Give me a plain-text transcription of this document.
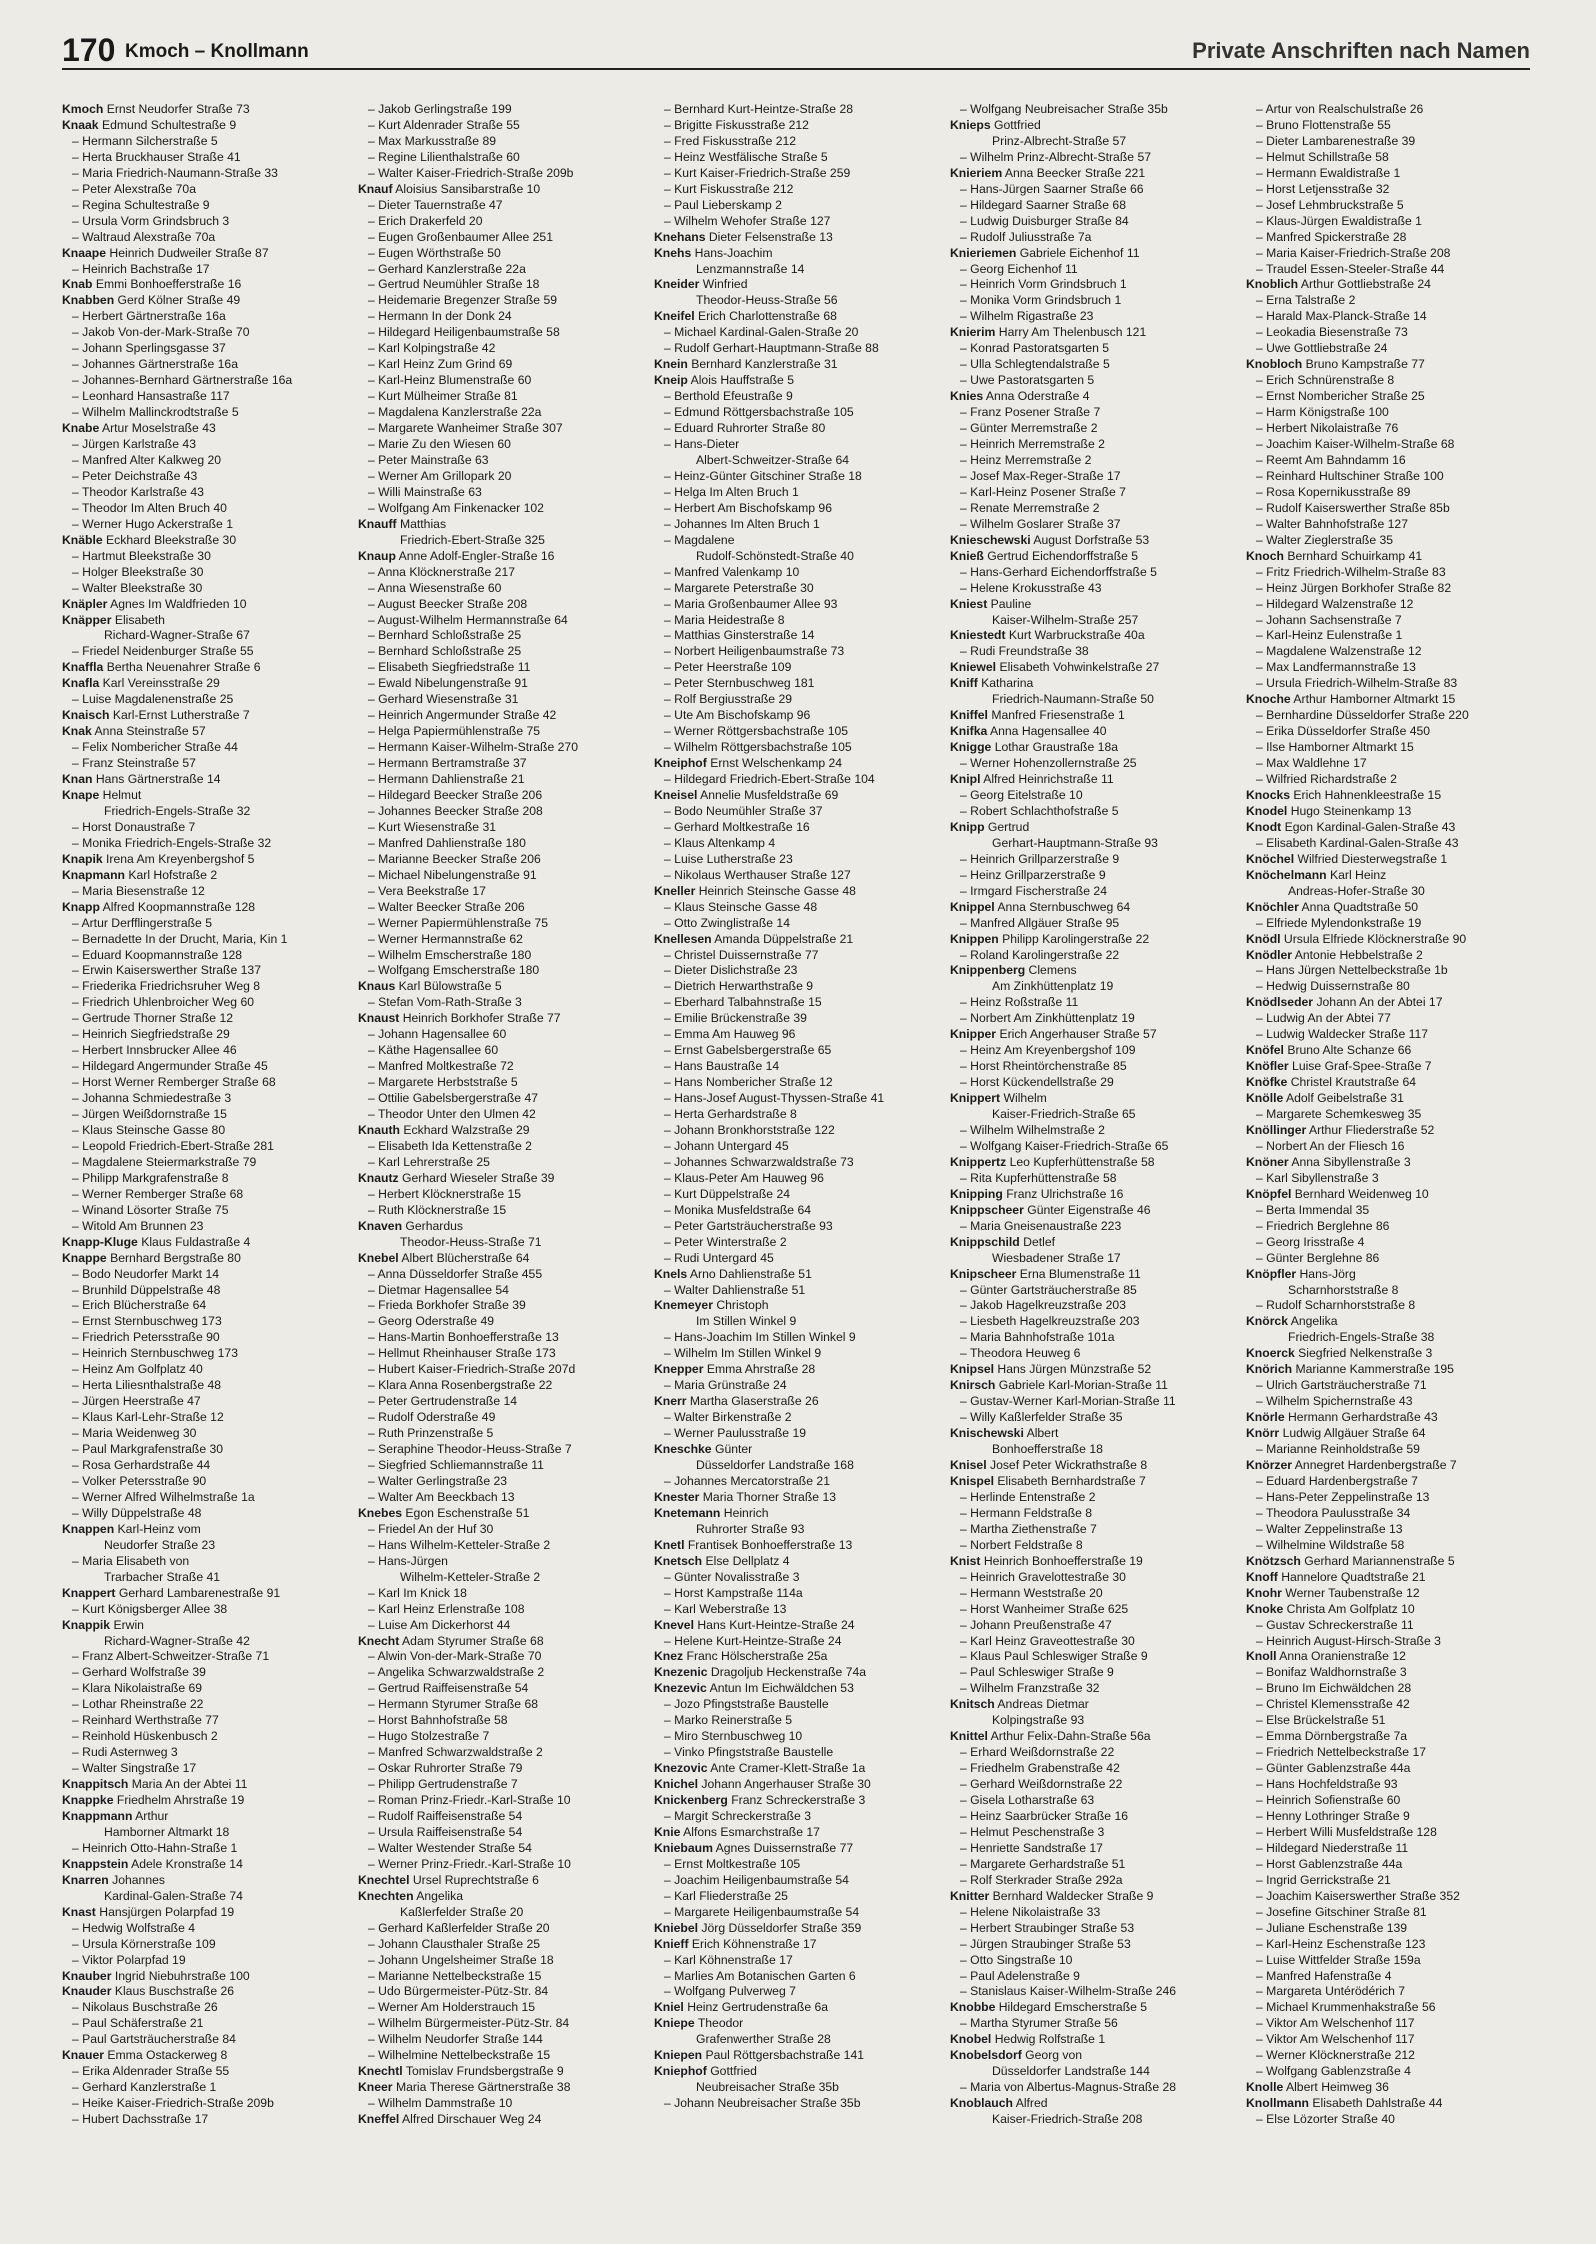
170 Kmoch – Knollmann	Private Anschriften nach Namen
Kmoch Ernst Neudorfer Straße 73
Knaak Edmund Schultestraße 9
– Hermann Silcherstraße 5
– Herta Bruckhauser Straße 41
– Maria Friedrich-Naumann-Straße 33
– Peter Alexstraße 70a
– Regina Schultestraße 9
– Ursula Vorm Grindsbruch 3
– Waltraud Alexstraße 70a
Knaape Heinrich Dudweiler Straße 87
– Heinrich Bachstraße 17
Knab Emmi Bonhoefferstraße 16
Knabben Gerd Kölner Straße 49
– Herbert Gärtnerstraße 16a
– Jakob Von-der-Mark-Straße 70
– Johann Sperlingsgasse 37
– Johannes Gärtnerstraße 16a
– Johannes-Bernhard Gärtnerstraße 16a
– Leonhard Hansastraße 117
– Wilhelm Mallinckrodtstraße 5
Knabe Artur Moselstraße 43
– Jürgen Karlstraße 43
– Manfred Alter Kalkweg 20
– Peter Deichstraße 43
– Theodor Karlstraße 43
– Theodor Im Alten Bruch 40
– Werner Hugo Ackerstraße 1
Knäble Eckhard Bleekstraße 30
– Hartmut Bleekstraße 30
– Holger Bleekstraße 30
– Walter Bleekstraße 30
Knäpler Agnes Im Waldfrieden 10
Knäpper Elisabeth
Richard-Wagner-Straße 67
– Friedel Neidenburger Straße 55
Knaffla Bertha Neuenahrer Straße 6
Knafla Karl Vereinsstraße 29
– Luise Magdalenenstraße 25
Knaisch Karl-Ernst Lutherstraße 7
Knak Anna Steinstraße 57
– Felix Nombericher Straße 44
– Franz Steinstraße 57
Knan Hans Gärtnerstraße 14
Knape Helmut
Friedrich-Engels-Straße 32
– Horst Donaustraße 7
– Monika Friedrich-Engels-Straße 32
Knapik Irena Am Kreyenbergshof 5
Knapmann Karl Hofstraße 2
– Maria Biesenstraße 12
Knapp Alfred Koopmannstraße 128
– Artur Derfflingerstraße 5
– Bernadette In der Drucht, Maria, Kin 1
– Eduard Koopmannstraße 128
– Erwin Kaiserswerther Straße 137
– Friederika Friedrichsruher Weg 8
– Friedrich Uhlenbroicher Weg 60
– Gertrude Thorner Straße 12
– Heinrich Siegfriedstraße 29
– Herbert Innsbrucker Allee 46
– Hildegard Angermunder Straße 45
– Horst Werner Remberger Straße 68
– Johanna Schmiedestraße 3
– Jürgen Weißdornstraße 15
– Klaus Steinsche Gasse 80
– Leopold Friedrich-Ebert-Straße 281
– Magdalene Steiermarkstraße 79
– Philipp Markgrafenstraße 8
– Werner Remberger Straße 68
– Winand Lösorter Straße 75
– Witold Am Brunnen 23
Knapp-Kluge Klaus Fuldastraße 4
Knappe Bernhard Bergstraße 80
– Bodo Neudorfer Markt 14
– Brunhild Düppelstraße 48
– Erich Blücherstraße 64
– Ernst Sternbuschweg 173
– Friedrich Petersstraße 90
– Heinrich Sternbuschweg 173
– Heinz Am Golfplatz 40
– Herta Liliesnthalstraße 48
– Jürgen Heerstraße 47
– Klaus Karl-Lehr-Straße 12
– Maria Weidenweg 30
– Paul Markgrafenstraße 30
– Rosa Gerhardstraße 44
– Volker Petersstraße 90
– Werner Alfred Wilhelmstraße 1a
– Willy Düppelstraße 48
Knappen Karl-Heinz vom
Neudorfer Straße 23
– Maria Elisabeth von
Trarbacher Straße 41
Knappert Gerhard Lambarenestraße 91
– Kurt Königsberger Allee 38
Knappik Erwin
Richard-Wagner-Straße 42
– Franz Albert-Schweitzer-Straße 71
– Gerhard Wolfstraße 39
– Klara Nikolaistraße 69
– Lothar Rheinstraße 22
– Reinhard Werthstraße 77
– Reinhold Hüskenbusch 2
– Rudi Asternweg 3
– Walter Singstraße 17
Knappitsch Maria An der Abtei 11
Knappke Friedhelm Ahrstraße 19
Knappmann Arthur
Hamborner Altmarkt 18
– Heinrich Otto-Hahn-Straße 1
Knappstein Adele Kronstraße 14
Knarren Johannes
Kardinal-Galen-Straße 74
Knast Hansjürgen Polarpfad 19
– Hedwig Wolfstraße 4
– Ursula Körnerstraße 109
– Viktor Polarpfad 19
Knauber Ingrid Niebuhrstraße 100
Knauder Klaus Buschstraße 26
– Nikolaus Buschstraße 26
– Paul Schäferstraße 21
– Paul Gartsträucherstraße 84
Knauer Emma Ostackerweg 8
– Erika Aldenrader Straße 55
– Gerhard Kanzlerstraße 1
– Heike Kaiser-Friedrich-Straße 209b
– Hubert Dachsstraße 17
– Jakob Gerlingstraße 199
– Kurt Aldenrader Straße 55
– Max Markusstraße 89
– Regine Lilienthalstraße 60
– Walter Kaiser-Friedrich-Straße 209b
Knauf Aloisius Sansibarstraße 10
– Dieter Tauernstraße 47
– Erich Drakerfeld 20
– Eugen Großenbaumer Allee 251
– Eugen Wörthstraße 50
– Gerhard Kanzlerstraße 22a
– Gertrud Neumühler Straße 18
– Heidemarie Bregenzer Straße 59
– Hermann In der Donk 24
– Hildegard Heiligenbaumstraße 58
– Karl Kolpingstraße 42
– Karl Heinz Zum Grind 69
– Karl-Heinz Blumenstraße 60
– Kurt Mülheimer Straße 81
– Magdalena Kanzlerstraße 22a
– Margarete Wanheimer Straße 307
– Marie Zu den Wiesen 60
– Peter Mainstraße 63
– Werner Am Grillopark 20
– Willi Mainstraße 63
– Wolfgang Am Finkenacker 102
Knauff Matthias
Friedrich-Ebert-Straße 325
Knaup Anne Adolf-Engler-Straße 16
– Anna Klöcknerstraße 217
– Anna Wiesenstraße 60
– August Beecker Straße 208
– August-Wilhelm Hermannstraße 64
– Bernhard Schloßstraße 25
– Bernhard Schloßstraße 25
– Elisabeth Siegfriedstraße 11
– Ewald Nibelungenstraße 91
– Gerhard Wiesenstraße 31
– Heinrich Angermunder Straße 42
– Helga Papiermühlenstraße 75
– Hermann Kaiser-Wilhelm-Straße 270
– Hermann Bertramstraße 37
– Hermann Dahlienstraße 21
– Hildegard Beecker Straße 206
– Johannes Beecker Straße 208
– Kurt Wiesenstraße 31
– Manfred Dahlienstraße 180
– Marianne Beecker Straße 206
– Michael Nibelungenstraße 91
– Vera Beekstraße 17
– Walter Beecker Straße 206
– Werner Papiermühlenstraße 75
– Werner Hermannstraße 62
– Wilhelm Emscherstraße 180
– Wolfgang Emscherstraße 180
Knaus Karl Bülowstraße 5
– Stefan Vom-Rath-Straße 3
Knaust Heinrich Borkhofer Straße 77
– Johann Hagensallee 60
– Käthe Hagensallee 60
– Manfred Moltkestraße 72
– Margarete Herbststraße 5
– Ottilie Gabelsbergerstraße 47
– Theodor Unter den Ulmen 42
Knauth Eckhard Walzstraße 29
– Elisabeth Ida Kettenstraße 2
– Karl Lehrerstraße 25
Knautz Gerhard Wieseler Straße 39
– Herbert Klöcknerstraße 15
– Ruth Klöcknerstraße 15
Knaven Gerhardus
Theodor-Heuss-Straße 71
Knebel Albert Blücherstraße 64
– Anna Düsseldorfer Straße 455
– Dietmar Hagensallee 54
– Frieda Borkhofer Straße 39
– Georg Oderstraße 49
– Hans-Martin Bonhoefferstraße 13
– Hellmut Rheinhauser Straße 173
– Hubert Kaiser-Friedrich-Straße 207d
– Klara Anna Rosenbergstraße 22
– Peter Gertrudenstraße 14
– Rudolf Oderstraße 49
– Ruth Prinzenstraße 5
– Seraphine Theodor-Heuss-Straße 7
– Siegfried Schliemannstraße 11
– Walter Gerlingstraße 23
– Walter Am Beeckbach 13
Knebes Egon Eschenstraße 51
– Friedel An der Huf 30
– Hans Wilhelm-Ketteler-Straße 2
– Hans-Jürgen
Wilhelm-Ketteler-Straße 2
– Karl Im Knick 18
– Karl Heinz Erlenstraße 108
– Luise Am Dickerhorst 44
Knecht Adam Styrumer Straße 68
– Alwin Von-der-Mark-Straße 70
– Angelika Schwarzwaldstraße 2
– Gertrud Raiffeisenstraße 54
– Hermann Styrumer Straße 68
– Horst Bahnhofstraße 58
– Hugo Stolzestraße 7
– Manfred Schwarzwaldstraße 2
– Oskar Ruhrorter Straße 79
– Philipp Gertrudenstraße 7
– Roman Prinz-Friedr.-Karl-Straße 10
– Rudolf Raiffeisenstraße 54
– Ursula Raiffeisenstraße 54
– Walter Westender Straße 54
– Werner Prinz-Friedr.-Karl-Straße 10
Knechtel Ursel Ruprechtstraße 6
Knechten Angelika
Kaßlerfelder Straße 20
– Gerhard Kaßlerfelder Straße 20
– Johann Clausthaler Straße 25
– Johann Ungelsheimer Straße 18
– Marianne Nettelbeckstraße 15
– Udo Bürgermeister-Pütz-Str. 84
– Werner Am Holderstrauch 15
– Wilhelm Bürgermeister-Pütz-Str. 84
– Wilhelm Neudorfer Straße 144
– Wilhelmine Nettelbeckstraße 15
Knechtl Tomislav Frundsbergstraße 9
Kneer Maria Therese Gärtnerstraße 38
– Wilhelm Dammstraße 10
Kneffel Alfred Dirschauer Weg 24
– Bernhard Kurt-Heintze-Straße 28
– Brigitte Fiskusstraße 212
– Fred Fiskusstraße 212
– Heinz Westfälische Straße 5
– Kurt Kaiser-Friedrich-Straße 259
– Kurt Fiskusstraße 212
– Paul Lieberskamp 2
– Wilhelm Wehofer Straße 127
Knehans Dieter Felsenstraße 13
Knehs Hans-Joachim
Lenzmannstraße 14
Kneider Winfried
Theodor-Heuss-Straße 56
Kneifel Erich Charlottenstraße 68
– Michael Kardinal-Galen-Straße 20
– Rudolf Gerhart-Hauptmann-Straße 88
Knein Bernhard Kanzlerstraße 31
Kneip Alois Hauffstraße 5
– Berthold Efeustraße 9
– Edmund Röttgersbachstraße 105
– Eduard Ruhrorter Straße 80
– Hans-Dieter
Albert-Schweitzer-Straße 64
– Heinz-Günter Gitschiner Straße 18
– Helga Im Alten Bruch 1
– Herbert Am Bischofskamp 96
– Johannes Im Alten Bruch 1
– Magdalene
Rudolf-Schönstedt-Straße 40
– Manfred Valenkamp 10
– Margarete Peterstraße 30
– Maria Großenbaumer Allee 93
– Maria Heidestraße 8
– Matthias Ginsterstraße 14
– Norbert Heiligenbaumstraße 73
– Peter Heerstraße 109
– Peter Sternbuschweg 181
– Rolf Bergiusstraße 29
– Ute Am Bischofskamp 96
– Werner Röttgersbachstraße 105
– Wilhelm Röttgersbachstraße 105
Kneiphof Ernst Welschenkamp 24
– Hildegard Friedrich-Ebert-Straße 104
Kneisel Annelie Musfeldstraße 69
– Bodo Neumühler Straße 37
– Gerhard Moltkestraße 16
– Klaus Altenkamp 4
– Luise Lutherstraße 23
– Nikolaus Werthauser Straße 127
Kneller Heinrich Steinsche Gasse 48
– Klaus Steinsche Gasse 48
– Otto Zwinglistraße 14
Knellesen Amanda Düppelstraße 21
– Christel Duissernstraße 77
– Dieter Dislichstraße 23
– Dietrich Herwarthstraße 9
– Eberhard Talbahnstraße 15
– Emilie Brückenstraße 39
– Emma Am Hauweg 96
– Ernst Gabelsbergerstraße 65
– Hans Baustraße 14
– Hans Nombericher Straße 12
– Hans-Josef August-Thyssen-Straße 41
– Herta Gerhardstraße 8
– Johann Bronkhorststraße 122
– Johann Untergard 45
– Johannes Schwarzwaldstraße 73
– Klaus-Peter Am Hauweg 96
– Kurt Düppelstraße 24
– Monika Musfeldstraße 64
– Peter Gartsträucherstraße 93
– Peter Winterstraße 2
– Rudi Untergard 45
Knels Arno Dahlienstraße 51
– Walter Dahlienstraße 51
Knemeyer Christoph
Im Stillen Winkel 9
– Hans-Joachim Im Stillen Winkel 9
– Wilhelm Im Stillen Winkel 9
Knepper Emma Ahrstraße 28
– Maria Grünstraße 24
Knerr Martha Glaserstraße 26
– Walter Birkenstraße 2
– Werner Paulusstraße 19
Kneschke Günter
Düsseldorfer Landstraße 168
– Johannes Mercatorstraße 21
Knester Maria Thorner Straße 13
Knetemann Heinrich
Ruhrorter Straße 93
Knetl Frantisek Bonhoefferstraße 13
Knetsch Else Dellplatz 4
– Günter Novalisstraße 3
– Horst Kampstraße 114a
– Karl Weberstraße 13
Knevel Hans Kurt-Heintze-Straße 24
– Helene Kurt-Heintze-Straße 24
Knez Franc Hölscherstraße 25a
Knezenic Dragoljub Heckenstraße 74a
Knezevic Antun Im Eichwäldchen 53
– Jozo Pfingststraße Baustelle
– Marko Reinerstraße 5
– Miro Sternbuschweg 10
– Vinko Pfingststraße Baustelle
Knezovic Ante Cramer-Klett-Straße 1a
Knichel Johann Angerhauser Straße 30
Knickenberg Franz Schreckerstraße 3
– Margit Schreckerstraße 3
Knie Alfons Esmarchstraße 17
Kniebaum Agnes Duissernstraße 77
– Ernst Moltkestraße 105
– Joachim Heiligenbaumstraße 54
– Karl Fliederstraße 25
– Margarete Heiligenbaumstraße 54
Kniebel Jörg Düsseldorfer Straße 359
Knieff Erich Köhnenstraße 17
– Karl Köhnenstraße 17
– Marlies Am Botanischen Garten 6
– Wolfgang Pulverweg 7
Kniel Heinz Gertrudenstraße 6a
Kniepe Theodor
Grafenwerther Straße 28
Kniepen Paul Röttgersbachstraße 141
Kniephof Gottfried
Neubreisacher Straße 35b
– Johann Neubreisacher Straße 35b
– Wolfgang Neubreisacher Straße 35b
Knieps Gottfried
Prinz-Albrecht-Straße 57
– Wilhelm Prinz-Albrecht-Straße 57
Knieriem Anna Beecker Straße 221
– Hans-Jürgen Saarner Straße 66
– Hildegard Saarner Straße 68
– Ludwig Duisburger Straße 84
– Rudolf Juliusstraße 7a
Knieriemen Gabriele Eichenhof 11
– Georg Eichenhof 11
– Heinrich Vorm Grindsbruch 1
– Monika Vorm Grindsbruch 1
– Wilhelm Rigastraße 23
Knierim Harry Am Thelenbusch 121
– Konrad Pastoratsgarten 5
– Ulla Schlegtendalstraße 5
– Uwe Pastoratsgarten 5
Knies Anna Oderstraße 4
– Franz Posener Straße 7
– Günter Merremstraße 2
– Heinrich Merremstraße 2
– Heinz Merremstraße 2
– Josef Max-Reger-Straße 17
– Karl-Heinz Posener Straße 7
– Renate Merremstraße 2
– Wilhelm Goslarer Straße 37
Knieschewski August Dorfstraße 53
Knieß Gertrud Eichendorffstraße 5
– Hans-Gerhard Eichendorffstraße 5
– Helene Krokusstraße 43
Kniest Pauline
Kaiser-Wilhelm-Straße 257
Kniestedt Kurt Warbruckstraße 40a
– Rudi Freundstraße 38
Kniewel Elisabeth Vohwinkelstraße 27
Kniff Katharina
Friedrich-Naumann-Straße 50
Kniffel Manfred Friesenstraße 1
Knifka Anna Hagensallee 40
Knigge Lothar Graustraße 18a
– Werner Hohenzollernstraße 25
Knipl Alfred Heinrichstraße 11
– Georg Eitelstraße 10
– Robert Schlachthofstraße 5
Knipp Gertrud
Gerhart-Hauptmann-Straße 93
– Heinrich Grillparzerstraße 9
– Heinz Grillparzerstraße 9
– Irmgard Fischerstraße 24
Knippel Anna Sternbuschweg 64
– Manfred Allgäuer Straße 95
Knippen Philipp Karolingerstraße 22
– Roland Karolingerstraße 22
Knippenberg Clemens
Am Zinkhüttenplatz 19
– Heinz Roßstraße 11
– Norbert Am Zinkhüttenplatz 19
Knipper Erich Angerhauser Straße 57
– Heinz Am Kreyenbergshof 109
– Horst Rheintörchenstraße 85
– Horst Kückendellstraße 29
Knippert Wilhelm
Kaiser-Friedrich-Straße 65
– Wilhelm Wilhelmstraße 2
– Wolfgang Kaiser-Friedrich-Straße 65
Knippertz Leo Kupferhüttenstraße 58
– Rita Kupferhüttenstraße 58
Knipping Franz Ulrichstraße 16
Knippscheer Günter Eigenstraße 46
– Maria Gneisenaustraße 223
Knippschild Detlef
Wiesbadener Straße 17
Knipscheer Erna Blumenstraße 11
– Günter Gartsträucherstraße 85
– Jakob Hagelkreuzstraße 203
– Liesbeth Hagelkreuzstraße 203
– Maria Bahnhofstraße 101a
– Theodora Heuweg 6
Knipsel Hans Jürgen Münzstraße 52
Knirsch Gabriele Karl-Morian-Straße 11
– Gustav-Werner Karl-Morian-Straße 11
– Willy Kaßlerfelder Straße 35
Knischewski Albert
Bonhoefferstraße 18
Knisel Josef Peter Wickrathstraße 8
Knispel Elisabeth Bernhardstraße 7
– Herlinde Entenstraße 2
– Hermann Feldstraße 8
– Martha Ziethenstraße 7
– Norbert Feldstraße 8
Knist Heinrich Bonhoefferstraße 19
– Heinrich Gravelottestraße 30
– Hermann Weststraße 20
– Horst Wanheimer Straße 625
– Johann Preußenstraße 47
– Karl Heinz Graveottestraße 30
– Klaus Paul Schleswiger Straße 9
– Paul Schleswiger Straße 9
– Wilhelm Franzstraße 32
Knitsch Andreas Dietmar
Kolpingstraße 93
Knittel Arthur Felix-Dahn-Straße 56a
– Erhard Weißdornstraße 22
– Friedhelm Grabenstraße 42
– Gerhard Weißdornstraße 22
– Gisela Lotharstraße 63
– Heinz Saarbrücker Straße 16
– Helmut Peschenstraße 3
– Henriette Sandstraße 17
– Margarete Gerhardstraße 51
– Rolf Sterkrader Straße 292a
Knitter Bernhard Waldecker Straße 9
– Helene Nikolaistraße 33
– Herbert Straubinger Straße 53
– Jürgen Straubinger Straße 53
– Otto Singstraße 10
– Paul Adelenstraße 9
– Stanislaus Kaiser-Wilhelm-Straße 246
Knobbe Hildegard Emscherstraße 5
– Martha Styrumer Straße 56
Knobel Hedwig Rolfstraße 1
Knobelsdorf Georg von
Düsseldorfer Landstraße 144
– Maria von Albertus-Magnus-Straße 28
Knoblauch Alfred
Kaiser-Friedrich-Straße 208
– Artur von Realschulstraße 26
– Bruno Flottenstraße 55
– Dieter Lambarenestraße 39
– Helmut Schillstraße 58
– Hermann Ewaldistraße 1
– Horst Letjensstraße 32
– Josef Lehmbruckstraße 5
– Klaus-Jürgen Ewaldistraße 1
– Manfred Spickerstraße 28
– Maria Kaiser-Friedrich-Straße 208
– Traudel Essen-Steeler-Straße 44
Knoblich Arthur Gottliebstraße 24
– Erna Talstraße 2
– Harald Max-Planck-Straße 14
– Leokadia Biesenstraße 73
– Uwe Gottliebstraße 24
Knobloch Bruno Kampstraße 77
– Erich Schnürenstraße 8
– Ernst Nombericher Straße 25
– Harm Königstraße 100
– Herbert Nikolaistraße 76
– Joachim Kaiser-Wilhelm-Straße 68
– Reemt Am Bahndamm 16
– Reinhard Hultschiner Straße 100
– Rosa Kopernikusstraße 89
– Rudolf Kaiserswerther Straße 85b
– Walter Bahnhofstraße 127
– Walter Zieglerstraße 35
Knoch Bernhard Schuirkamp 41
– Fritz Friedrich-Wilhelm-Straße 83
– Heinz Jürgen Borkhofer Straße 82
– Hildegard Walzenstraße 12
– Johann Sachsenstraße 7
– Karl-Heinz Eulenstraße 1
– Magdalene Walzenstraße 12
– Max Landfermannstraße 13
– Ursula Friedrich-Wilhelm-Straße 83
Knoche Arthur Hamborner Altmarkt 15
– Bernhardine Düsseldorfer Straße 220
– Erika Düsseldorfer Straße 450
– Ilse Hamborner Altmarkt 15
– Max Waldlehne 17
– Wilfried Richardstraße 2
Knocks Erich Hahnenkleestraße 15
Knodel Hugo Steinenkamp 13
Knodt Egon Kardinal-Galen-Straße 43
– Elisabeth Kardinal-Galen-Straße 43
Knöchel Wilfried Diesterwegstraße 1
Knöchelmann Karl Heinz
Andreas-Hofer-Straße 30
Knöchler Anna Quadtstraße 50
– Elfriede Mylendonkstraße 19
Knödl Ursula Elfriede Klöcknerstraße 90
Knödler Antonie Hebbelstraße 2
– Hans Jürgen Nettelbeckstraße 1b
– Hedwig Duissernstraße 80
Knödlseder Johann An der Abtei 17
– Ludwig An der Abtei 77
– Ludwig Waldecker Straße 117
Knöfel Bruno Alte Schanze 66
Knöfler Luise Graf-Spee-Straße 7
Knöfke Christel Krautstraße 64
Knölle Adolf Geibelstraße 31
– Margarete Schemkesweg 35
Knöllinger Arthur Fliederstraße 52
– Norbert An der Fliesch 16
Knöner Anna Sibyllenstraße 3
– Karl Sibyllenstraße 3
Knöpfel Bernhard Weidenweg 10
– Berta Immendal 35
– Friedrich Berglehne 86
– Georg Irisstraße 4
– Günter Berglehne 86
Knöpfler Hans-Jörg
Scharnhorststraße 8
– Rudolf Scharnhorststraße 8
Knörck Angelika
Friedrich-Engels-Straße 38
Knoerck Siegfried Nelkenstraße 3
Knörich Marianne Kammerstraße 195
– Ulrich Gartsträucherstraße 71
– Wilhelm Spichernstraße 43
Knörle Hermann Gerhardstraße 43
Knörr Ludwig Allgäuer Straße 64
– Marianne Reinholdstraße 59
Knörzer Annegret Hardenbergstraße 7
– Eduard Hardenbergstraße 7
– Hans-Peter Zeppelinstraße 13
– Theodora Paulusstraße 34
– Walter Zeppelinstraße 13
– Wilhelmine Wildstraße 58
Knötzsch Gerhard Mariannenstraße 5
Knoff Hannelore Quadtstraße 21
Knohr Werner Taubenstraße 12
Knoke Christa Am Golfplatz 10
– Gustav Schreckerstraße 11
– Heinrich August-Hirsch-Straße 3
Knoll Anna Oranienstraße 12
– Bonifaz Waldhornstraße 3
– Bruno Im Eichwäldchen 28
– Christel Klemensstraße 42
– Else Brückelstraße 51
– Emma Dörnbergstraße 7a
– Friedrich Nettelbeckstraße 17
– Günter Gablenzstraße 44a
– Hans Hochfeldstraße 93
– Heinrich Sofienstraße 60
– Henny Lothringer Straße 9
– Herbert Willi Musfeldstraße 128
– Hildegard Niederstraße 11
– Horst Gablenzstraße 44a
– Ingrid Gerrickstraße 21
– Joachim Kaiserswerther Straße 352
– Josefine Gitschiner Straße 81
– Juliane Eschenstraße 139
– Karl-Heinz Eschenstraße 123
– Luise Wittfelder Straße 159a
– Manfred Hafenstraße 4
– Margareta Untérödérich 7
– Michael Krummenhakstraße 56
– Viktor Am Welschenhof 117
– Viktor Am Welschenhof 117
– Werner Klöcknerstraße 212
– Wolfgang Gablenzstraße 4
Knolle Albert Heimweg 36
Knollmann Elisabeth Dahlstraße 44
– Else Lözorter Straße 40
